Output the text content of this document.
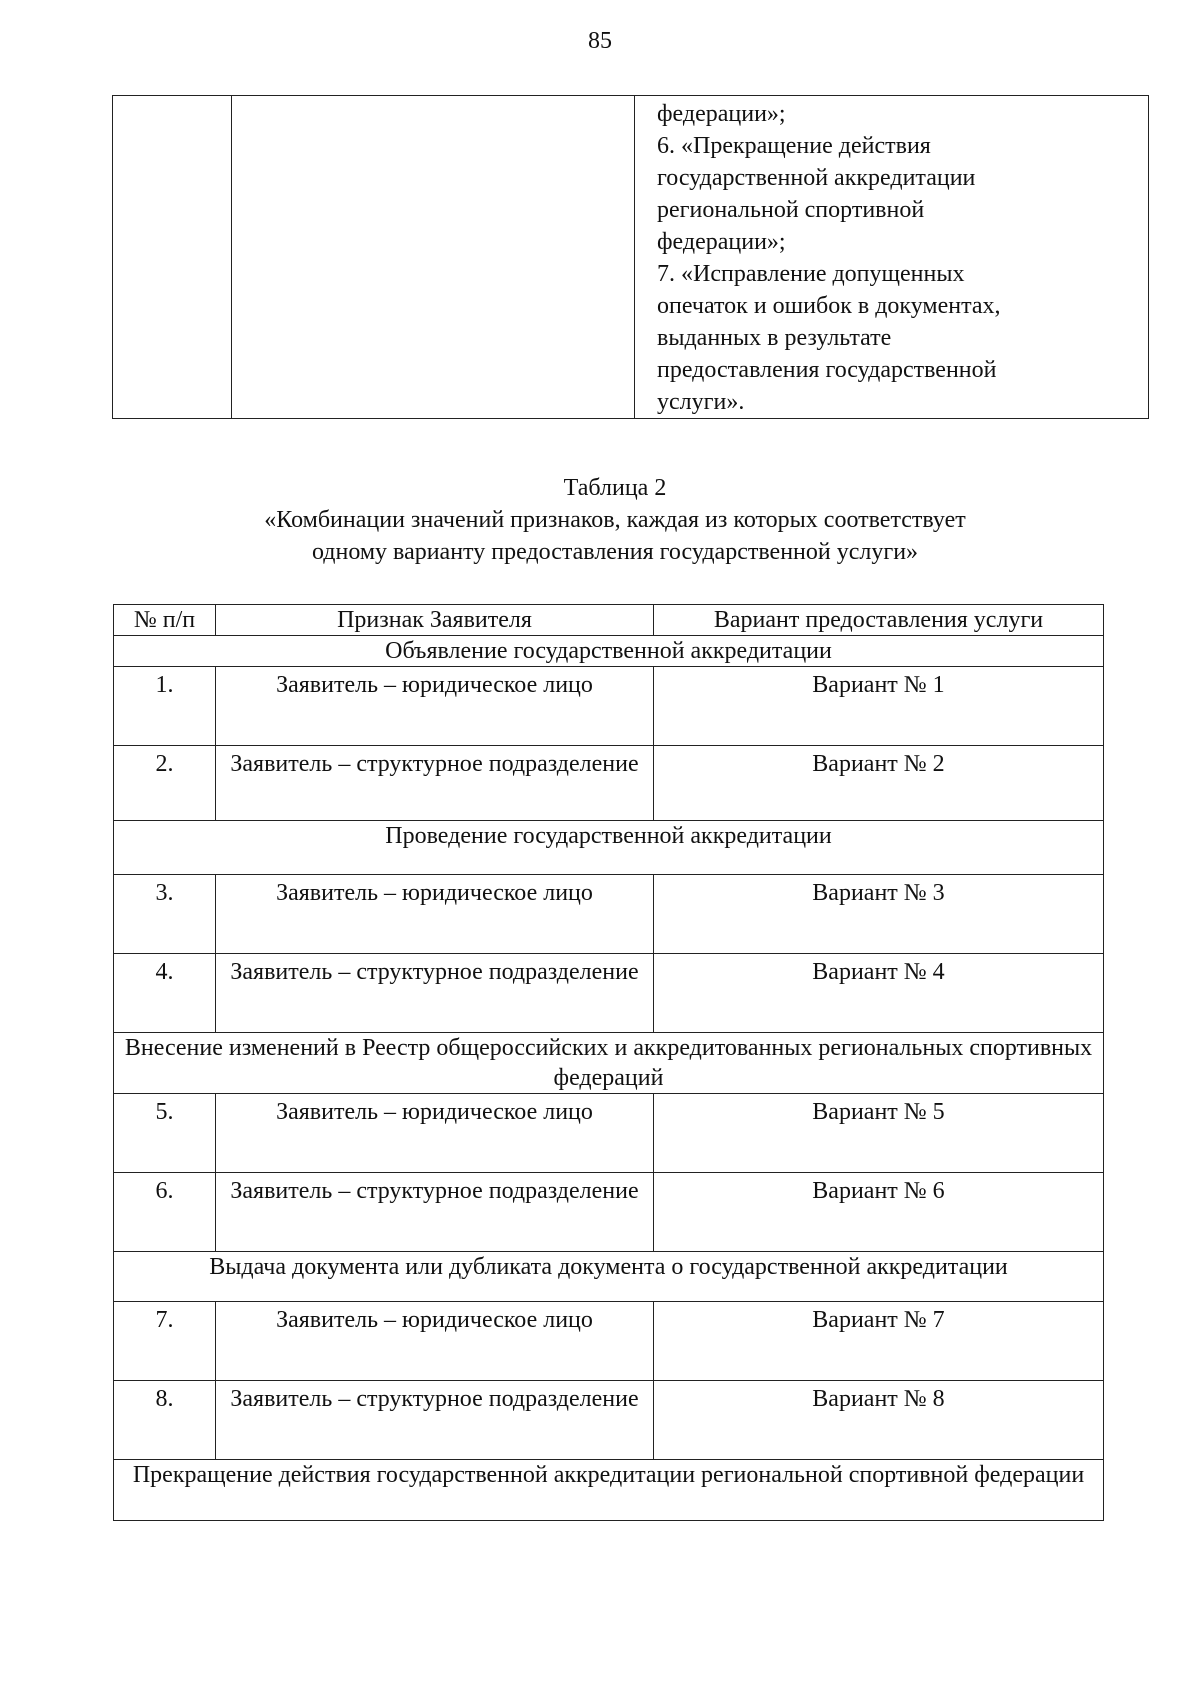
85

федерации»;
6. «Прекращение действия
государственной аккредитации
региональной спортивной
федерации»;
7. «Исправление допущенных
опечаток и ошибок в документах,
выданных в результате
предоставления государственной
услуги».
Таблица 2
«Комбинации значений признаков, каждая из которых соответствует
одному варианту предоставления государственной услуги»
№ п/п	Признак Заявителя	Вариант предоставления услуги
Объявление государственной аккредитации		
1.	Заявитель – юридическое лицо	Вариант № 1
2.	Заявитель – структурное подразделение	Вариант № 2
Проведение государственной аккредитации		
3.	Заявитель – юридическое лицо	Вариант № 3
4.	Заявитель – структурное подразделение	Вариант № 4
Внесение изменений в Реестр общероссийских и аккредитованных региональных спортивных федераций		
5.	Заявитель – юридическое лицо	Вариант № 5
6.	Заявитель – структурное подразделение	Вариант № 6
Выдача документа или дубликата документа о государственной аккредитации		
7.	Заявитель – юридическое лицо	Вариант № 7
8.	Заявитель – структурное подразделение	Вариант № 8
Прекращение действия государственной аккредитации региональной спортивной федерации		
